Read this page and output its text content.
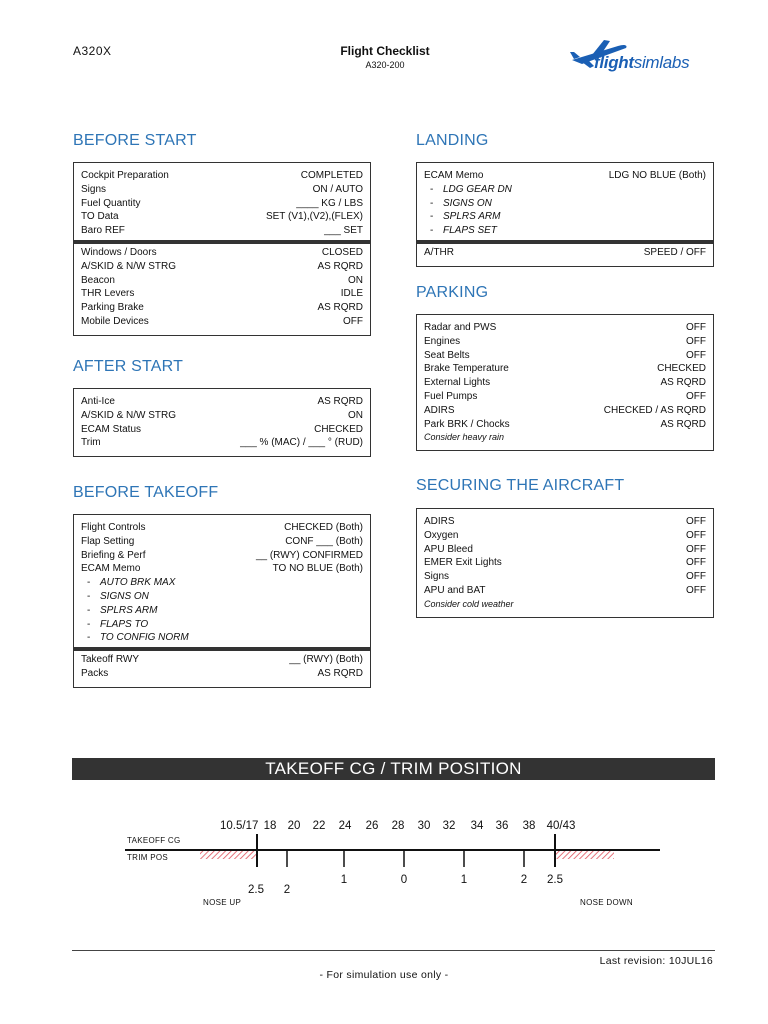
A320X	Flight Checklist
A320-200	flightsimlabs
BEFORE START
Cockpit Preparation	COMPLETED
Signs	ON / AUTO
Fuel Quantity	____ KG / LBS
TO Data	SET (V1),(V2),(FLEX)
Baro REF	___ SET
Windows / Doors	CLOSED
A/SKID & N/W STRG	AS RQRD
Beacon	ON
THR Levers	IDLE
Parking Brake	AS RQRD
Mobile Devices	OFF
AFTER START
Anti-Ice	AS RQRD
A/SKID & N/W STRG	ON
ECAM Status	CHECKED
Trim	___ % (MAC) / ___ ° (RUD)
BEFORE TAKEOFF
Flight Controls	CHECKED (Both)
Flap Setting	CONF ___ (Both)
Briefing & Perf	__ (RWY) CONFIRMED
ECAM Memo	TO NO BLUE (Both)
- AUTO BRK MAX
- SIGNS ON
- SPLRS ARM
- FLAPS TO
- TO CONFIG NORM
Takeoff RWY	__ (RWY) (Both)
Packs	AS RQRD
LANDING
ECAM Memo	LDG NO BLUE (Both)
- LDG GEAR DN
- SIGNS ON
- SPLRS ARM
- FLAPS SET
A/THR	SPEED / OFF
PARKING
Radar and PWS	OFF
Engines	OFF
Seat Belts	OFF
Brake Temperature	CHECKED
External Lights	AS RQRD
Fuel Pumps	OFF
ADIRS	CHECKED / AS RQRD
Park BRK / Chocks	AS RQRD
Consider heavy rain
SECURING THE AIRCRAFT
ADIRS	OFF
Oxygen	OFF
APU Bleed	OFF
EMER Exit Lights	OFF
Signs	OFF
APU and BAT	OFF
Consider cold weather
TAKEOFF CG / TRIM POSITION
TAKEOFF CG
TRIM POS
10.5/17 18 20	22	24	26	28	30	32	34	36	38 40/43
2.5	2
1	0	1	2	2.5
NOSE UP	NOSE DOWN
Last revision: 10JUL16
- For simulation use only -
